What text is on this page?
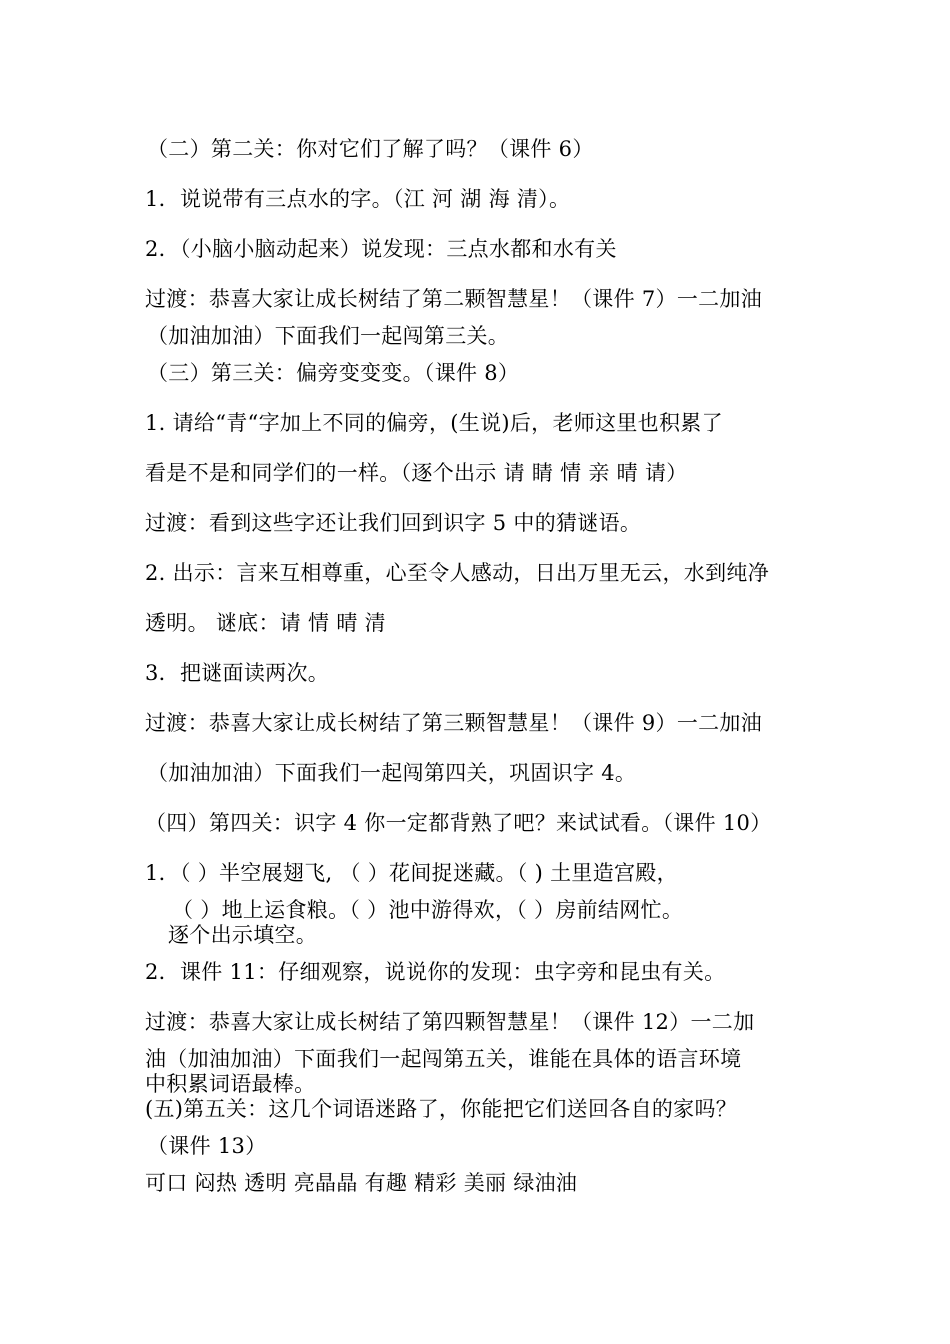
（二）第二关：你对它们了解了吗？（课件 6）

1．说说带有三点水的字。（江 河 湖 海 清）。

2．（小脑小脑动起来）说发现：三点水都和水有关

过渡：恭喜大家让成长树结了第二颗智慧星！（课件 7）一二加油

（加油加油）下面我们一起闯第三关。

（三）第三关：偏旁变变变。（课件 8）

1. 请给“青“字加上不同的偏旁，(生说)后，老师这里也积累了

看是不是和同学们的一样。（逐个出示 请 睛 情 亲 晴 请）

过渡：看到这些字还让我们回到识字 5 中的猜谜语。

2. 出示：言来互相尊重，心至令人感动，日出万里无云，水到纯净

透明。 谜底：请 情 晴 清

3．把谜面读两次。

过渡：恭喜大家让成长树结了第三颗智慧星！（课件 9）一二加油

（加油加油）下面我们一起闯第四关，巩固识字 4。

（四）第四关：识字 4 你一定都背熟了吧？来试试看。（课件 10）

1．（ ）半空展翅飞, （ ）花间捉迷藏。（ ) 土里造宫殿，

（ ）地上运食粮。（ ）池中游得欢，（ ）房前结网忙。

逐个出示填空。

2．课件 11：仔细观察，说说你的发现：虫字旁和昆虫有关。

过渡：恭喜大家让成长树结了第四颗智慧星！（课件 12）一二加

油（加油加油）下面我们一起闯第五关，谁能在具体的语言环境

中积累词语最棒。

(五)第五关：这几个词语迷路了，你能把它们送回各自的家吗？

（课件 13）

可口 闷热 透明 亮晶晶 有趣 精彩 美丽 绿油油
